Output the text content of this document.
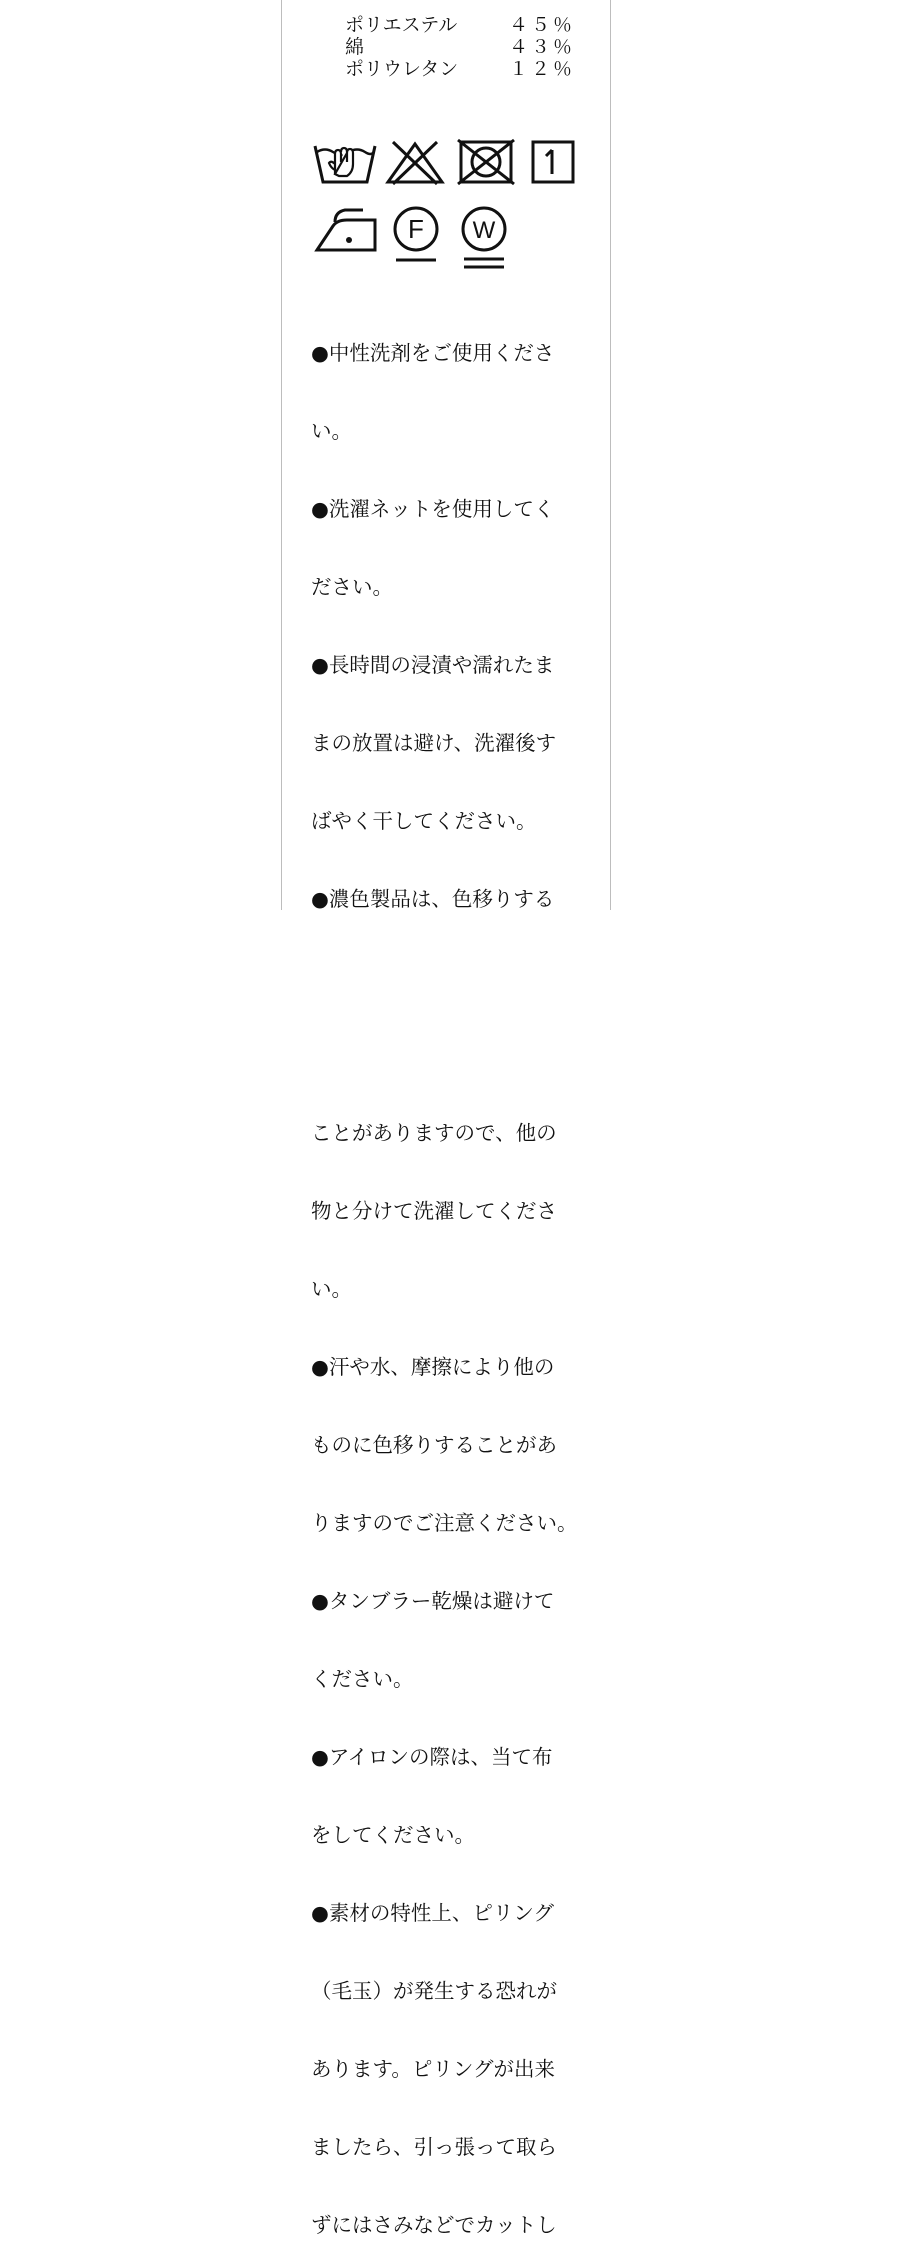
ポリエステル	４５％
綿	４３％
ポリウレタン	１２％
F W

●中性洗剤をご使用くださ

い。

●洗濯ネットを使用してく

ださい。

●長時間の浸漬や濡れたま

まの放置は避け、洗濯後す

ばやく干してください。

●濃色製品は、色移りする

ことがありますので、他の

物と分けて洗濯してくださ

い。

●汗や水、摩擦により他の

ものに色移りすることがあ

りますのでご注意ください。

●タンブラー乾燥は避けて

ください。

●アイロンの際は、当て布

をしてください。

●素材の特性上、ピリング

（毛玉）が発生する恐れが

あります。ピリングが出来

ましたら、引っ張って取ら

ずにはさみなどでカットし
